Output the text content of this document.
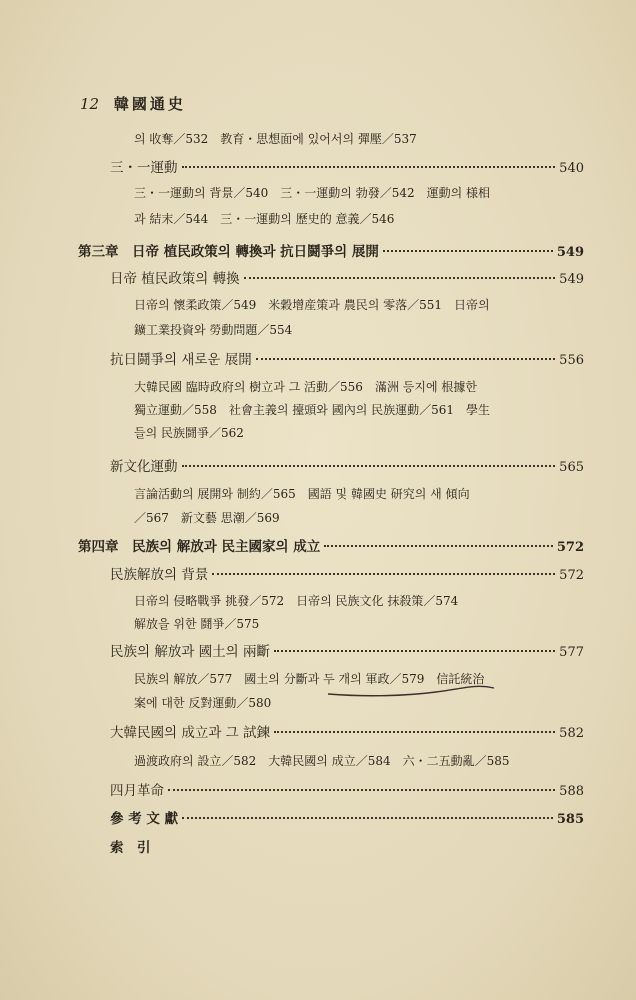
12 韓國通史
의 收奪／532　教育・思想面에 있어서의 彈壓／537
三・一運動	540
三・一運動의 背景／540　三・一運動의 勃發／542　運動의 様相
과 結末／544　三・一運動의 歷史的 意義／546
第三章　日帝 植民政策의 轉換과 抗日鬪爭의 展開	549
日帝 植民政策의 轉換	549
日帝의 懷柔政策／549　米穀增産策과 農民의 零落／551　日帝의
鑛工業投資와 勞動問題／554
抗日鬪爭의 새로운 展開	556
大韓民國 臨時政府의 樹立과 그 活動／556　滿洲 등지에 根據한
獨立運動／558　社會主義의 擡頭와 國內의 民族運動／561　學生
들의 民族鬪爭／562
新文化運動	565
言論活動의 展開와 制約／565　國語 및 韓國史 研究의 새 傾向
／567　新文藝 思潮／569
第四章　民族의 解放과 民主國家의 成立	572
民族解放의 背景	572
日帝의 侵略戰爭 挑發／572　日帝의 民族文化 抹殺策／574
解放을 위한 鬪爭／575
民族의 解放과 國土의 兩斷	577
民族의 解放／577　國土의 分斷과 두 개의 軍政／579　信託統治
案에 대한 反對運動／580
大韓民國의 成立과 그 試鍊	582
過渡政府의 設立／582　大韓民國의 成立／584　六・二五動亂／585
四月革命	588
參 考 文 獻	585
索　引
